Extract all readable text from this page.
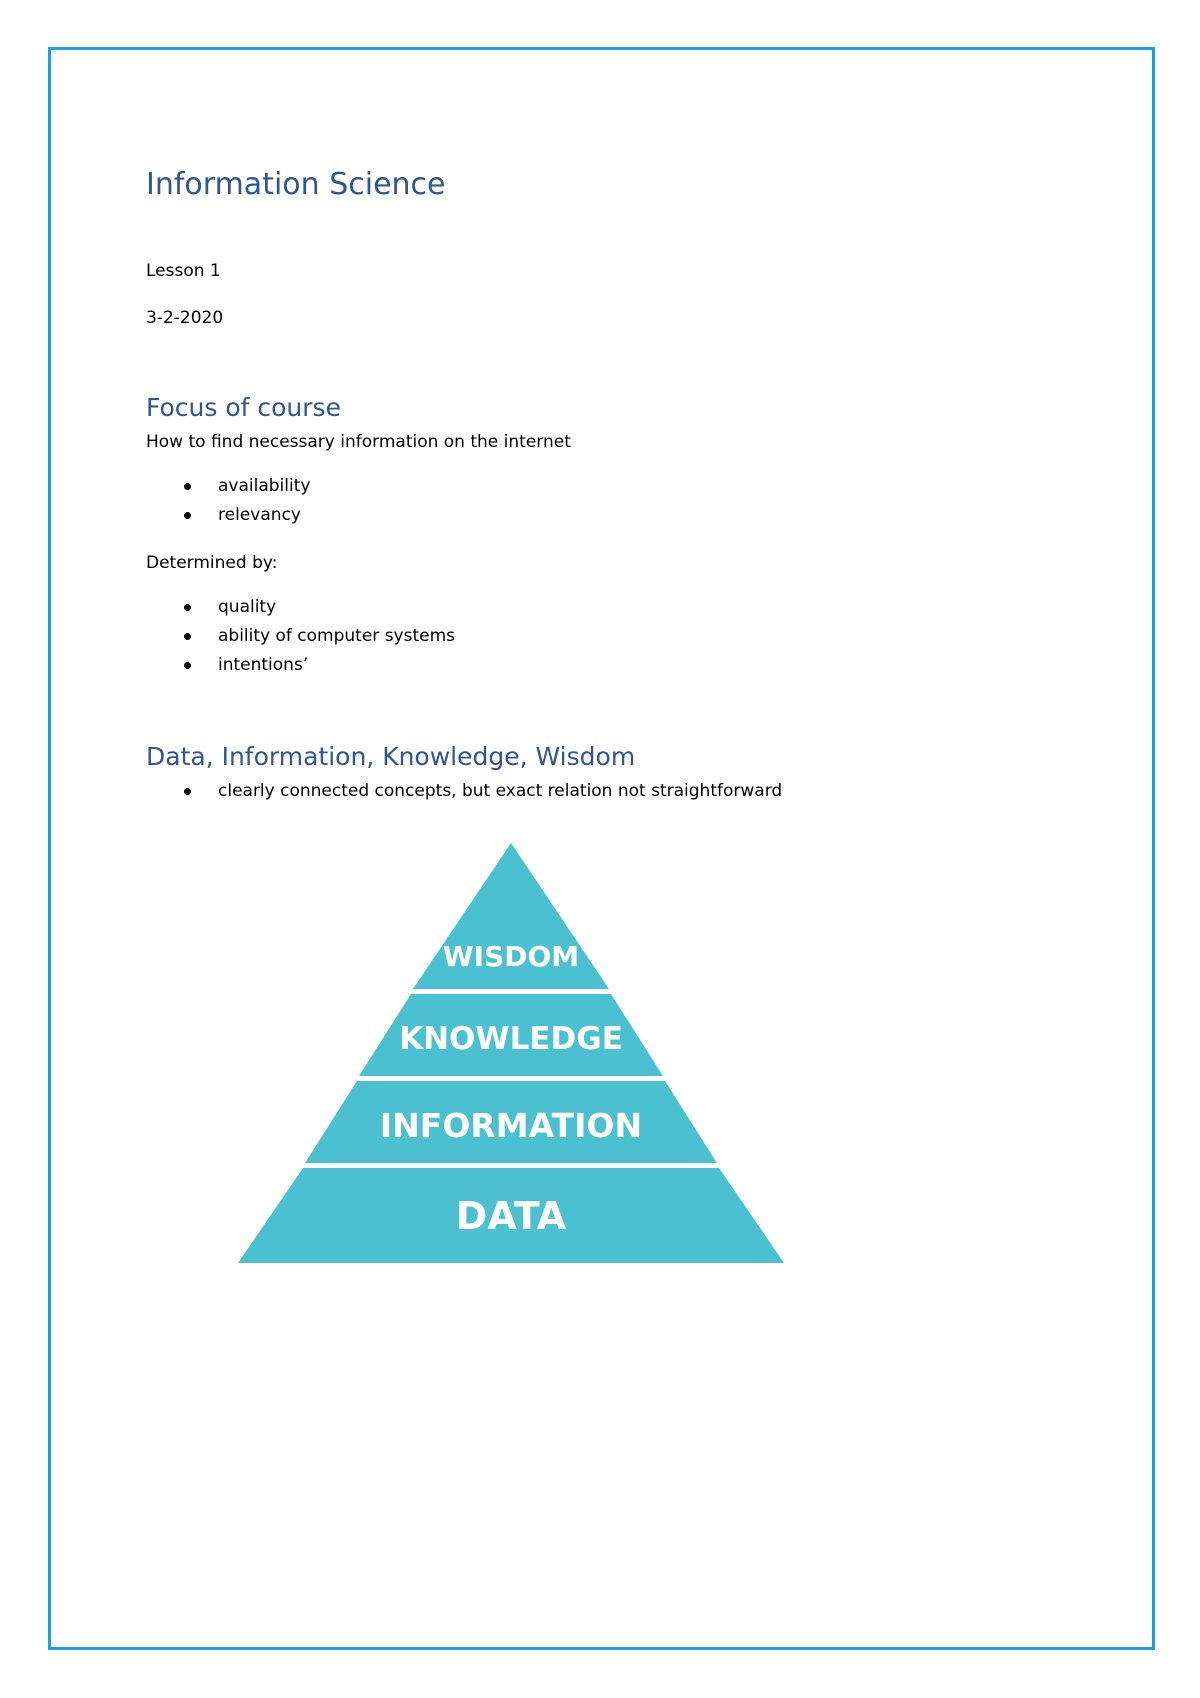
Information Science

Lesson 1

3-2-2020

Focus of course

How to find necessary information on the internet

availability
relevancy

Determined by:

quality
ability of computer systems
intentions’
Data, Information, Knowledge, Wisdom
clearly connected concepts, but exact relation not straightforward
WISDOM
KNOWLEDGE
INFORMATION
DATA
